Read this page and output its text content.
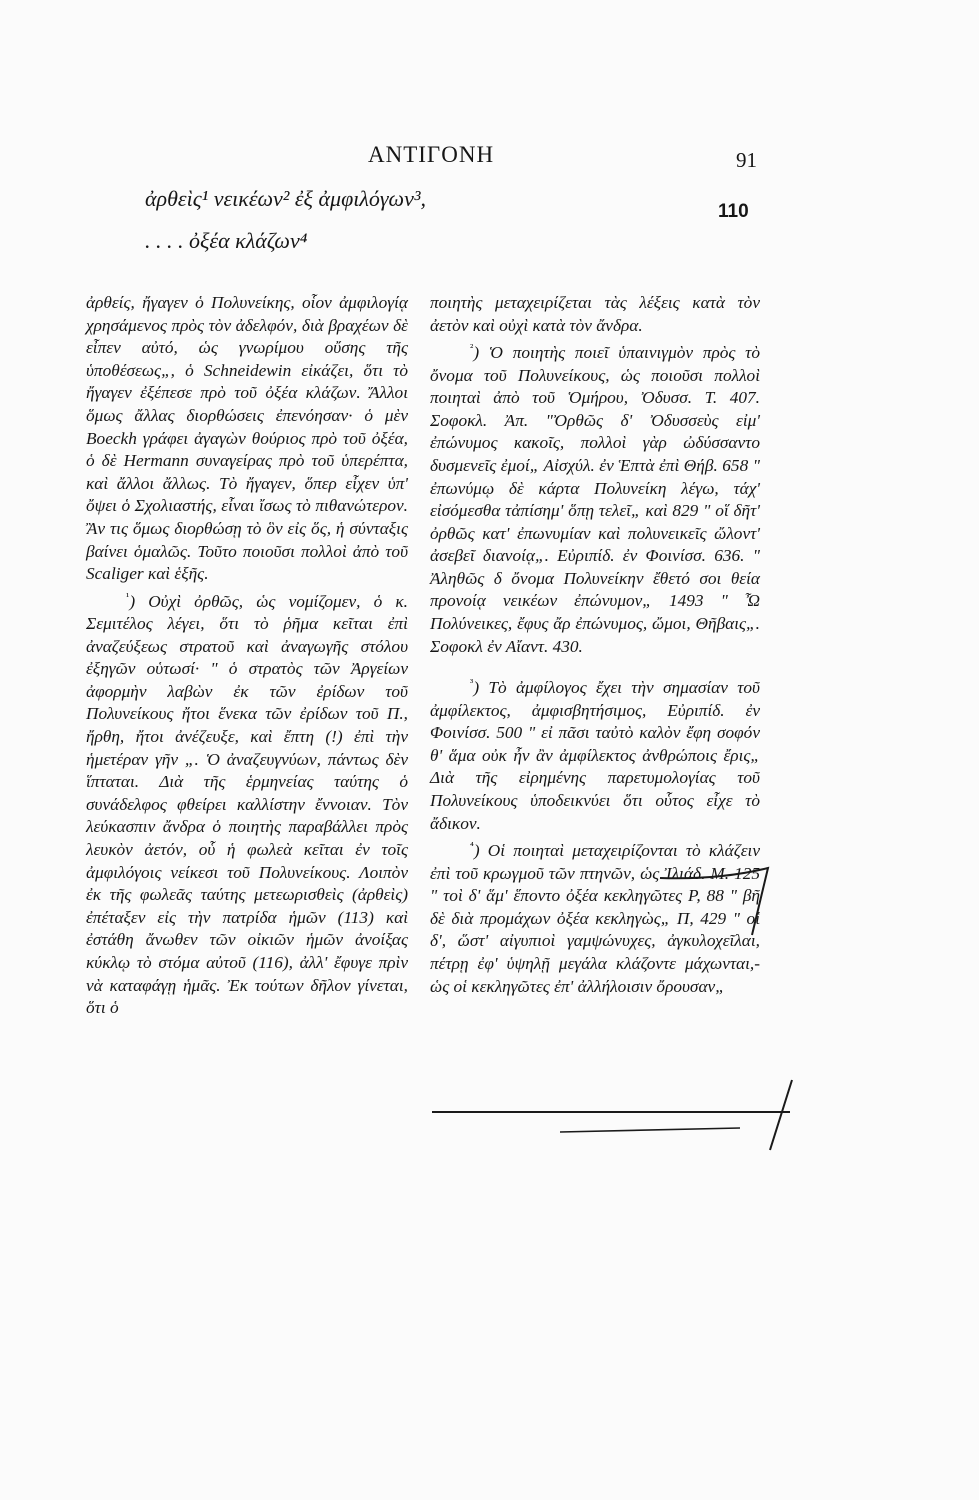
ΑΝΤΙΓΟΝΗ	91
110
ἀρθεὶς¹ νεικέων² ἐξ ἀμφιλόγων³,
. . . . ὀξέα κλάζων⁴

ἀρθείς, ἤγαγεν ὁ Πολυνείκης, οἷον ἀμφιλογίᾳ χρησάμενος πρὸς τὸν ἀδελφόν, διὰ βραχέων δὲ εἶπεν αὐτό, ὡς γνωρίμου οὔσης τῆς ὑποθέσεως„, ὁ Schneidewin εἰκάζει, ὅτι τὸ ἤγαγεν ἐξέπεσε πρὸ τοῦ ὀξέα κλάζων. Ἄλλοι ὅμως ἄλλας διορθώσεις ἐπενόησαν· ὁ μὲν Boeckh γράφει ἀγαγὼν θούριος πρὸ τοῦ ὀξέα, ὁ δὲ Hermann συναγείρας πρὸ τοῦ ὑπερέπτα, καὶ ἄλλοι ἄλλως. Τὸ ἤγαγεν, ὅπερ εἶχεν ὑπ' ὄψει ὁ Σχολιαστής, εἶναι ἴσως τὸ πιθανώτερον. Ἂν τις ὅμως διορθώσῃ τὸ ὃν εἰς ὅς, ἡ σύνταξις βαίνει ὁμαλῶς. Τοῦτο ποιοῦσι πολλοὶ ἀπὸ τοῦ Scaliger καὶ ἑξῆς.

$^{^1}$) Οὐχὶ ὀρθῶς, ὡς νομίζομεν, ὁ κ. Σεμιτέλος λέγει, ὅτι τὸ ῥῆμα κεῖται ἐπὶ ἀναζεύξεως στρατοῦ καὶ ἀναγωγῆς στόλου ἐξηγῶν οὑτωσί· " ὁ στρατὸς τῶν Ἀργείων ἀφορμὴν λαβὼν ἐκ τῶν ἐρίδων τοῦ Πολυνείκους ἤτοι ἕνεκα τῶν ἐρίδων τοῦ Π., ἤρθη, ἤτοι ἀνέζευξε, καὶ ἔπτη (!) ἐπὶ τὴν ἡμετέραν γῆν „. Ὁ ἀναζευγνύων, πάντως δὲν ἵπταται. Διὰ τῆς ἑρμηνείας ταύτης ὁ συνάδελφος φθείρει καλλίστην ἔννοιαν. Τὸν λεύκασπιν ἄνδρα ὁ ποιητὴς παραβάλλει πρὸς λευκὸν ἀετόν, οὗ ἡ φωλεὰ κεῖται ἐν τοῖς ἀμφιλόγοις νείκεσι τοῦ Πολυνείκους. Λοιπὸν ἐκ τῆς φωλεᾶς ταύτης μετεωρισθεὶς (ἀρθεὶς) ἐπέταξεν εἰς τὴν πατρίδα ἡμῶν (113) καὶ ἐστάθη ἄνωθεν τῶν οἰκιῶν ἡμῶν ἀνοίξας κύκλῳ τὸ στόμα αὐτοῦ (116), ἀλλ' ἔφυγε πρὶν νὰ καταφάγῃ ἡμᾶς. Ἐκ τούτων δῆλον γίνεται, ὅτι ὁ

ποιητὴς μεταχειρίζεται τὰς λέξεις κατὰ τὸν ἀετὸν καὶ οὐχὶ κατὰ τὸν ἄνδρα.

$^{^2}$) Ὁ ποιητὴς ποιεῖ ὑπαινιγμὸν πρὸς τὸ ὄνομα τοῦ Πολυνείκους, ὡς ποιοῦσι πολλοὶ ποιηταὶ ἀπὸ τοῦ Ὁμήρου, Ὀδυσσ. Τ. 407. Σοφοκλ. Ἀπ. "Ὀρθῶς δ' Ὀδυσσεὺς εἰμ' ἐπώνυμος κακοῖς, πολλοὶ γὰρ ὠδύσσαντο δυσμενεῖς ἐμοί„ Αἰσχύλ. ἐν Ἑπτὰ ἐπὶ Θήβ. 658 " ἐπωνύμῳ δὲ κάρτα Πολυνείκη λέγω, τάχ' εἰσόμεσθα τἀπίσημ' ὅπῃ τελεῖ„ καὶ 829 " οἵ δῆτ' ὀρθῶς κατ' ἐπωνυμίαν καὶ πολυνεικεῖς ὤλοντ' ἀσεβεῖ διανοίᾳ„. Εὐριπίδ. ἐν Φοινίσσ. 636. " Ἀληθῶς δ ὄνομα Πολυνείκην ἔθετό σοι θεία προνοίᾳ νεικέων ἐπώνυμον„ 1493 " Ὦ Πολύνεικες, ἔφυς ἄρ ἐπώνυμος, ὤμοι, Θῆβαις„. Σοφοκλ ἐν Αἴαντ. 430.

$^{^3}$) Τὸ ἀμφίλογος ἔχει τὴν σημασίαν τοῦ ἀμφίλεκτος, ἀμφισβητήσιμος, Εὐριπίδ. ἐν Φοινίσσ. 500 " εἰ πᾶσι ταὐτὸ καλὸν ἔφη σοφόν θ' ἅμα οὐκ ἦν ἂν ἀμφίλεκτος ἀνθρώποις ἔρις„ Διὰ τῆς εἰρημένης παρετυμολογίας τοῦ Πολυνείκους ὑποδεικνύει ὅτι οὗτος εἶχε τὸ ἄδικον.

$^{^4}$) Οἱ ποιηταὶ μεταχειρίζονται τὸ κλάζειν ἐπὶ τοῦ κρωγμοῦ τῶν πτηνῶν, ὡς Ἰλιάδ. Μ. 125 " τοὶ δ' ἅμ' ἕποντο ὀξέα κεκληγῶτες Ρ, 88 " βῆ δὲ διὰ προμάχων ὀξέα κεκληγὼς„ Π, 429 " οἱ δ', ὥστ' αἰγυπιοὶ γαμψώνυχες, ἀγκυλοχεῖλαι, πέτρῃ ἐφ' ὑψηλῇ μεγάλα κλάζοντε μάχωνται,- ὡς οἱ κεκληγῶτες ἐπ' ἀλλήλοισιν ὄρουσαν„
